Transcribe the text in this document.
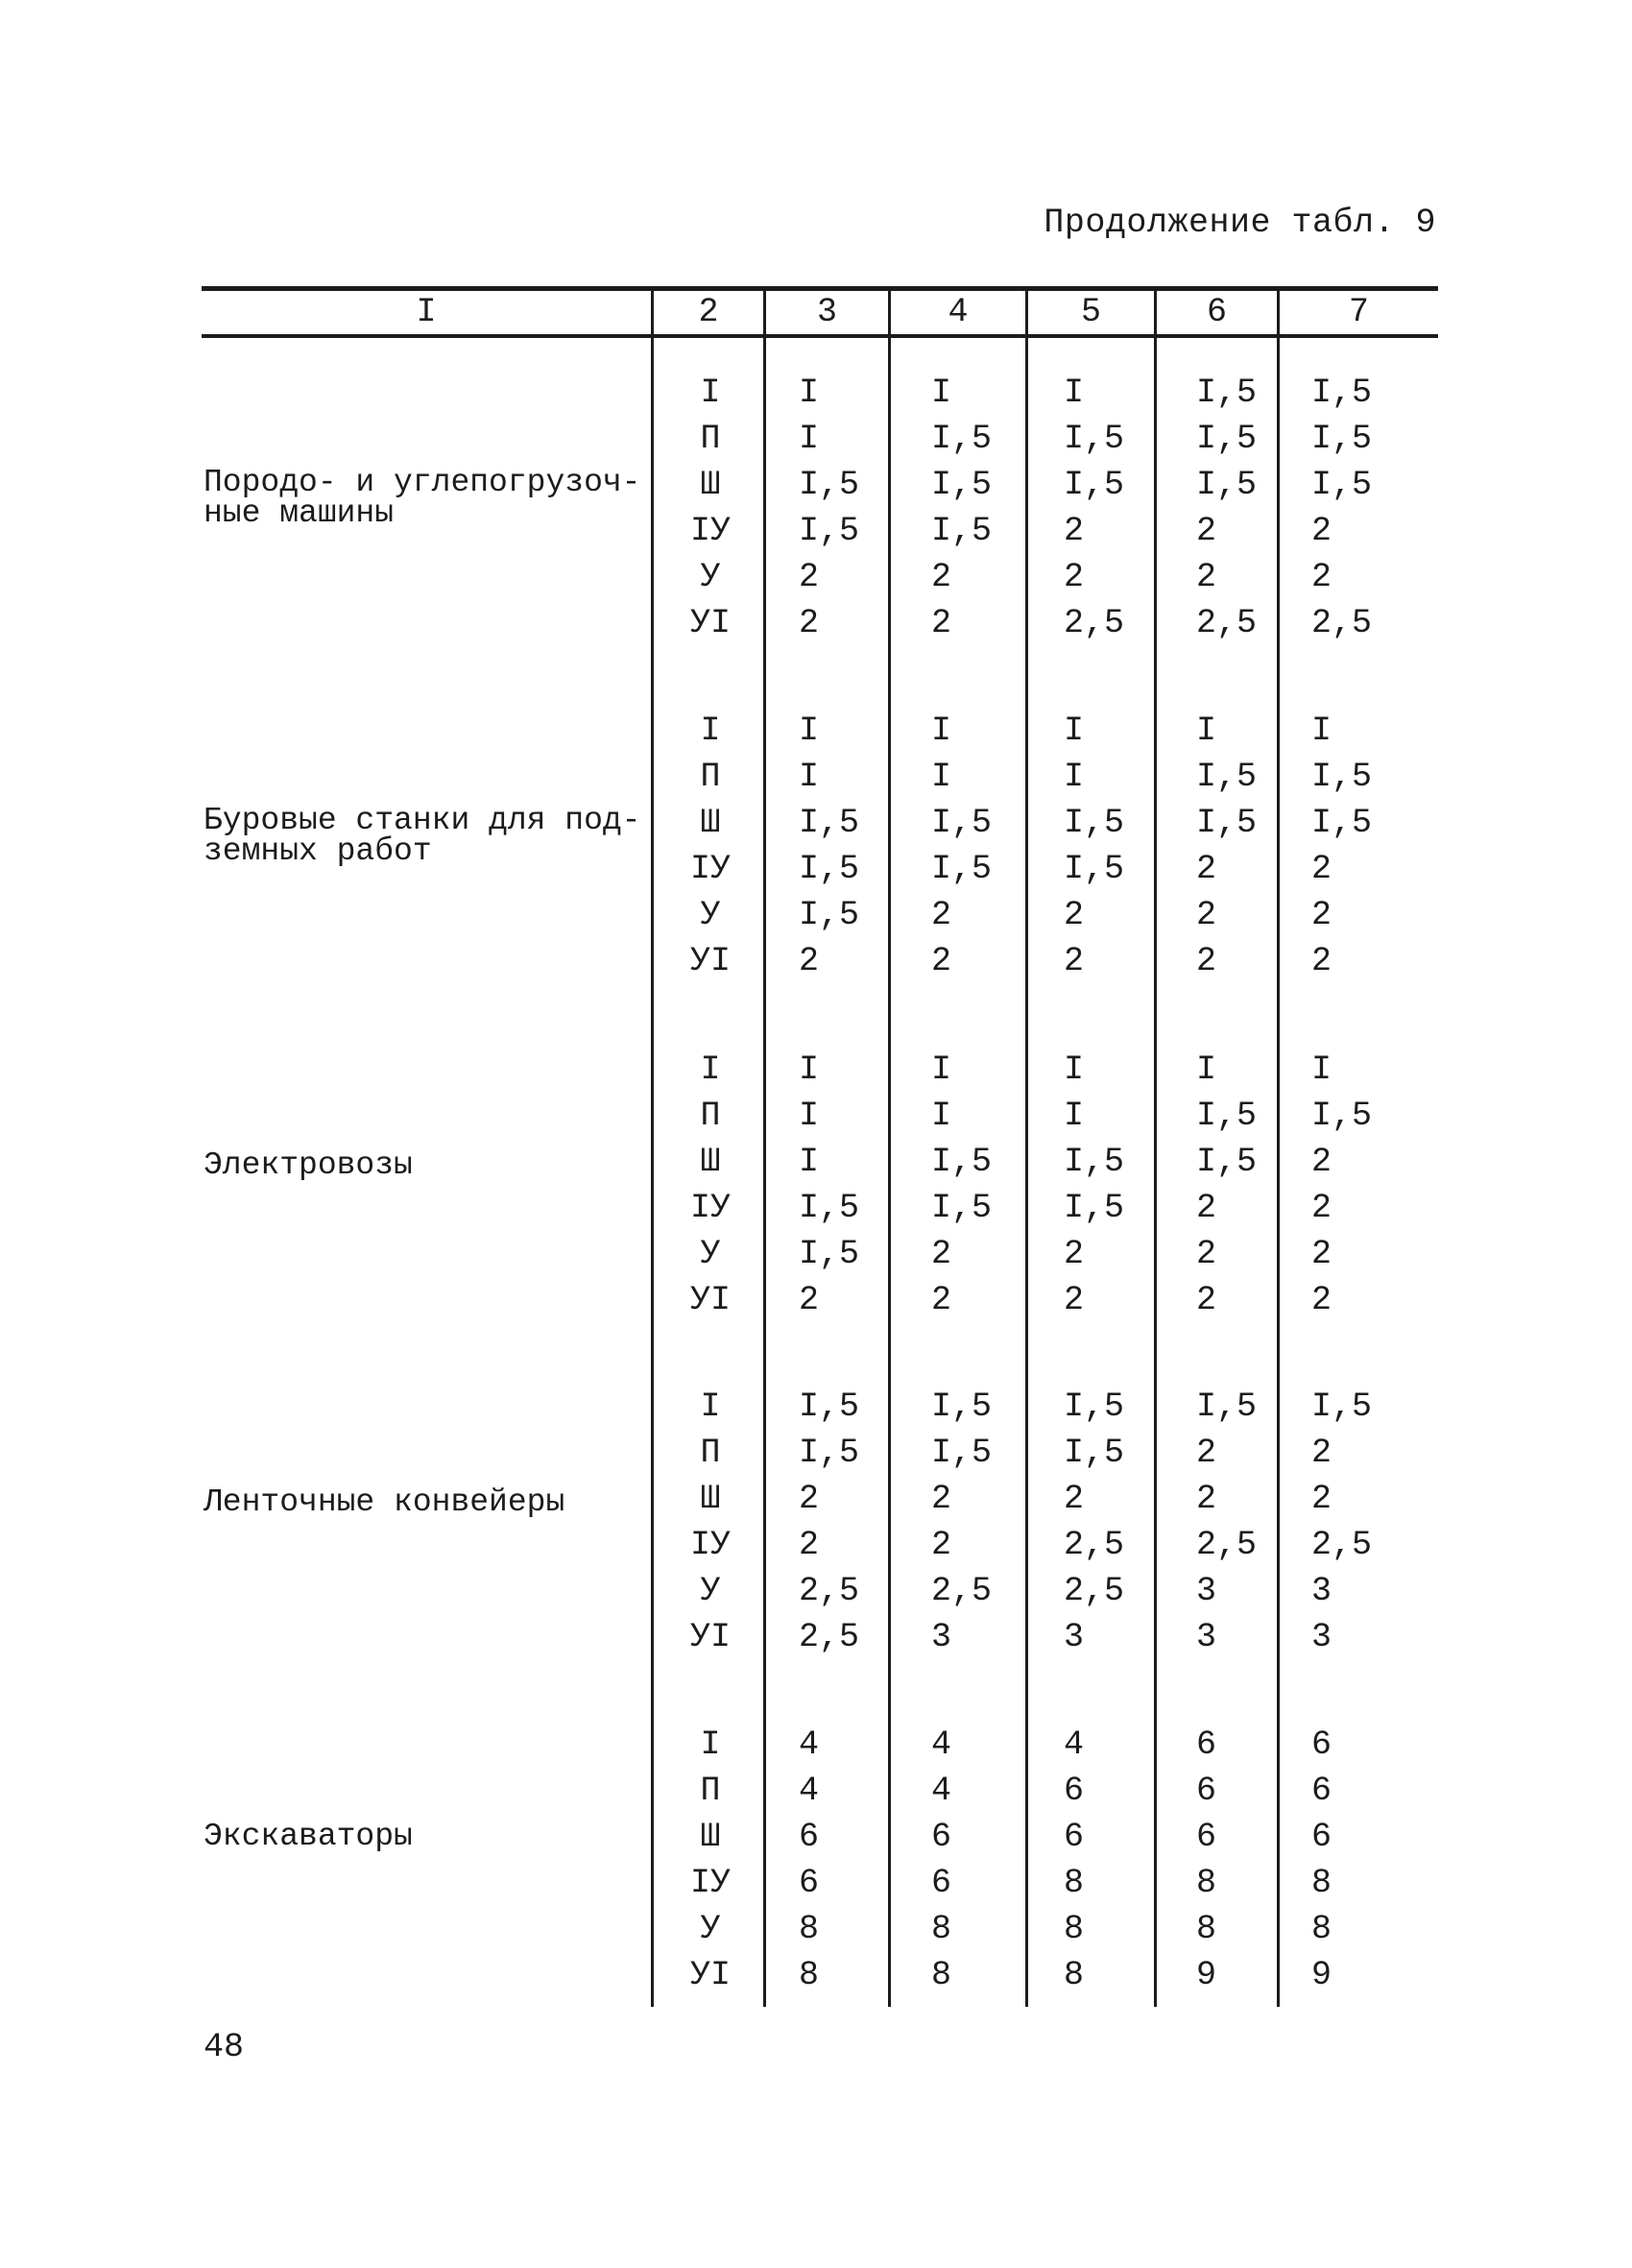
Продолжение табл. 9
I	2	3	4	5	6	7
Породо- и углепогрузоч-
ные машины
I	I	I	I	I,5 I,5
П	I	I,5 I,5 I,5 I,5
Ш	I,5 I,5 I,5 I,5 I,5
IУ	I,5 I,5 2	2	2
У	2	2	2	2	2
УI	2	2	2,5 2,5 2,5
Буровые станки для под-
земных работ
I	I	I	I	I	I
П	I	I	I	I,5 I,5
Ш	I,5 I,5 I,5 I,5 I,5
IУ	I,5 I,5 I,5 2	2
У	I,5 2	2	2	2
УI	2	2	2	2	2
Электровозы
I	I	I	I	I	I
П	I	I	I	I,5 I,5
Ш	I	I,5 I,5 I,5 2
IУ	I,5 I,5 I,5 2	2
У	I,5 2	2	2	2
УI	2	2	2	2	2
Ленточные конвейеры
I	I,5 I,5 I,5 I,5 I,5
П	I,5 I,5 I,5 2	2
Ш	2	2	2	2	2
IУ	2	2	2,5 2,5 2,5
У	2,5 2,5 2,5 3	3
УI	2,5 3	3	3	3
Экскаваторы
I	4	4	4	6	6
П	4	4	6	6	6
Ш	6	6	6	6	6
IУ	6	6	8	8	8
У	8	8	8	8	8
УI	8	8	8	9	9
48
